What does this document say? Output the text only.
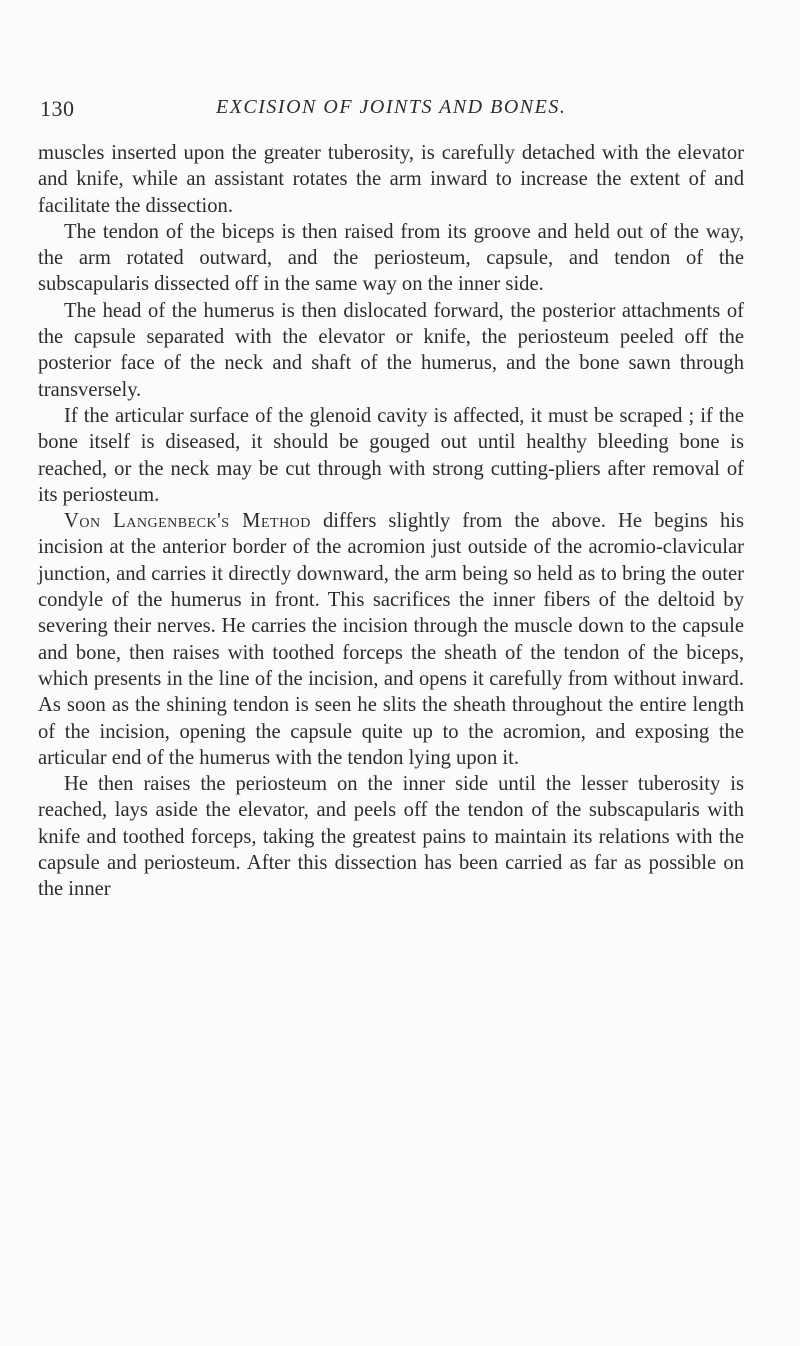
130	EXCISION OF JOINTS AND BONES.

muscles inserted upon the greater tuberosity, is carefully detached with the elevator and knife, while an assistant rotates the arm inward to increase the extent of and facilitate the dissection.

The tendon of the biceps is then raised from its groove and held out of the way, the arm rotated outward, and the periosteum, capsule, and tendon of the subscapularis dissected off in the same way on the inner side.

The head of the humerus is then dislocated forward, the posterior attachments of the capsule separated with the elevator or knife, the periosteum peeled off the posterior face of the neck and shaft of the humerus, and the bone sawn through transversely.

If the articular surface of the glenoid cavity is affected, it must be scraped ; if the bone itself is diseased, it should be gouged out until healthy bleeding bone is reached, or the neck may be cut through with strong cutting-pliers after removal of its periosteum.

Von Langenbeck's Method differs slightly from the above. He begins his incision at the anterior border of the acromion just outside of the acromio-clavicular junction, and carries it directly downward, the arm being so held as to bring the outer condyle of the humerus in front. This sacrifices the inner fibers of the deltoid by severing their nerves. He carries the incision through the muscle down to the capsule and bone, then raises with toothed forceps the sheath of the tendon of the biceps, which presents in the line of the incision, and opens it carefully from without inward. As soon as the shining tendon is seen he slits the sheath throughout the entire length of the incision, opening the capsule quite up to the acromion, and exposing the articular end of the humerus with the tendon lying upon it.

He then raises the periosteum on the inner side until the lesser tuberosity is reached, lays aside the elevator, and peels off the tendon of the subscapularis with knife and toothed forceps, taking the greatest pains to maintain its relations with the capsule and periosteum. After this dissection has been carried as far as possible on the inner
